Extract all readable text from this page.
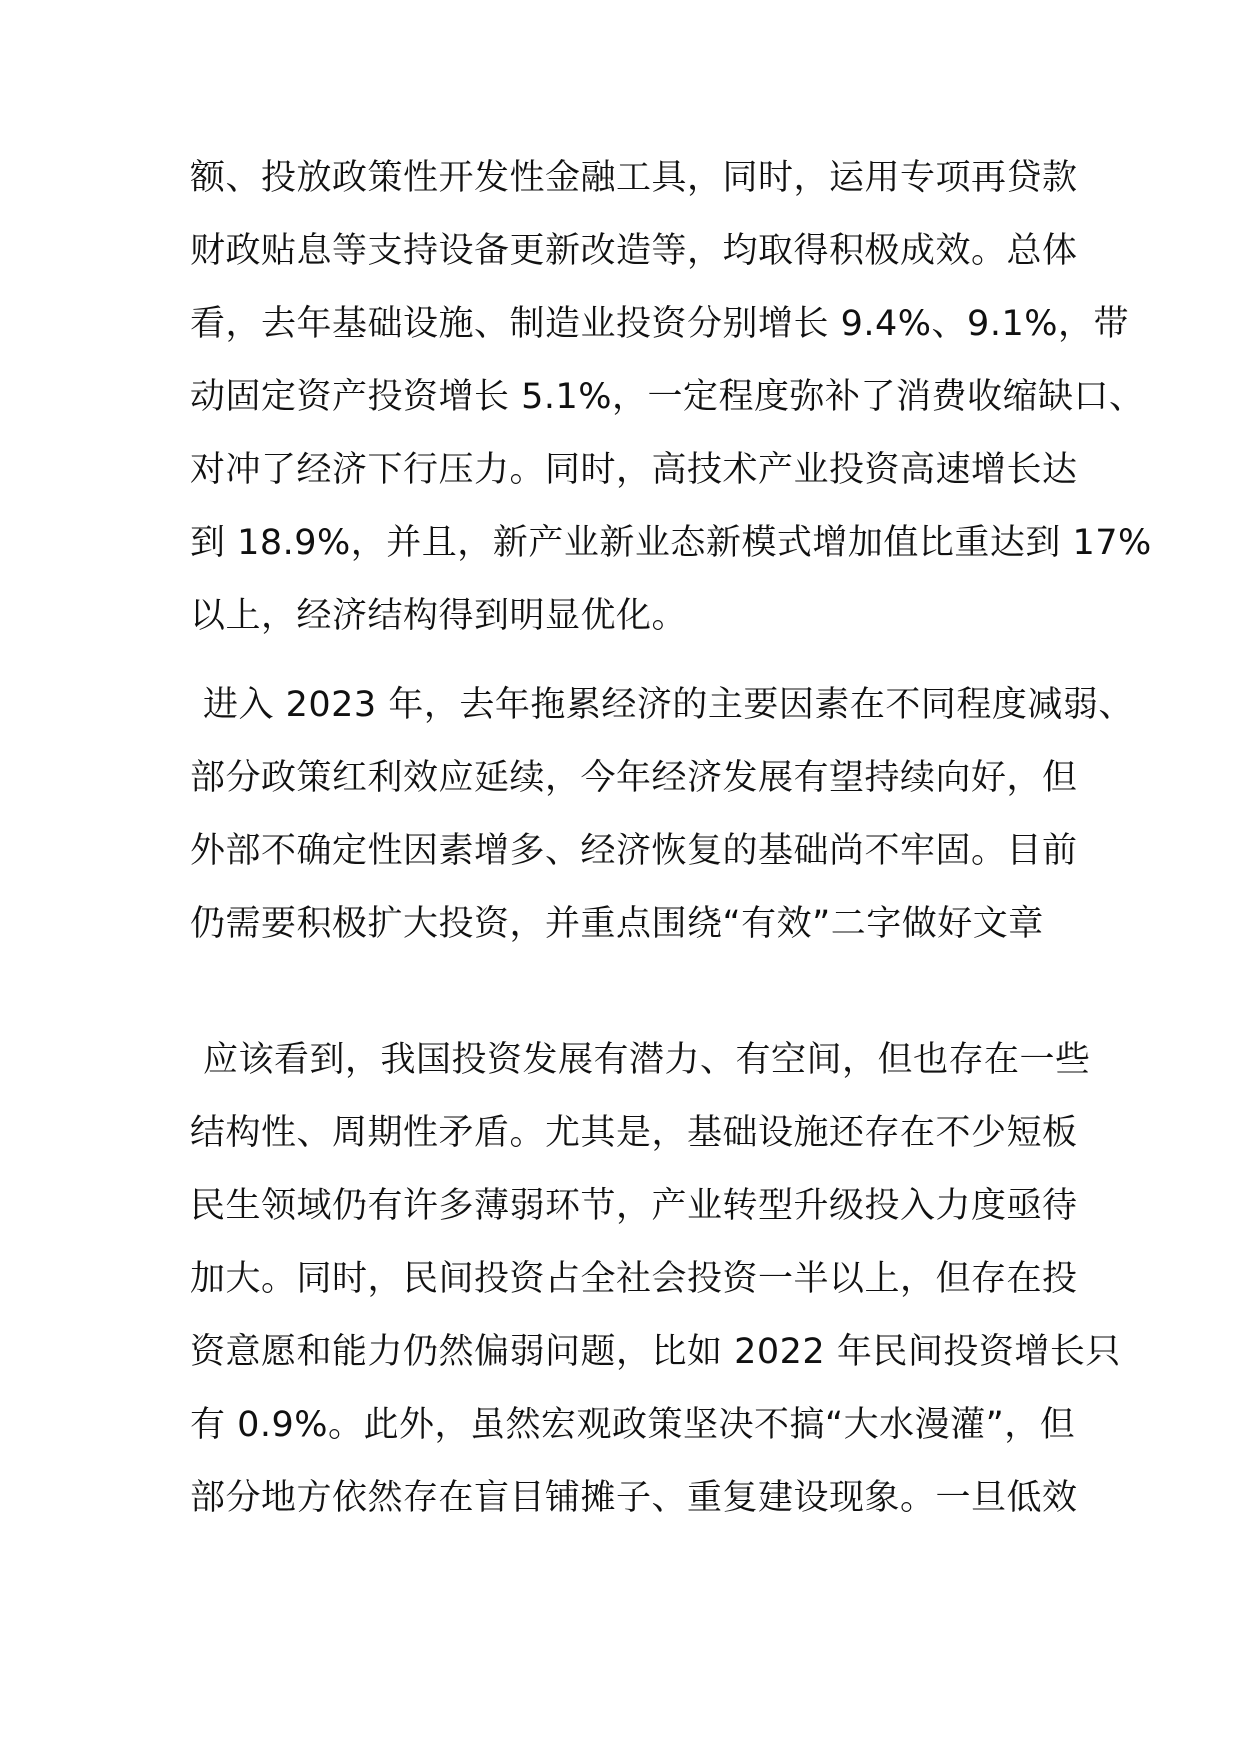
额、投放政策性开发性金融工具，同时，运用专项再贷款
财政贴息等支持设备更新改造等，均取得积极成效。总体
看，去年基础设施、制造业投资分别增长 9.4%、9.1%，带
动固定资产投资增长 5.1%，一定程度弥补了消费收缩缺口、
对冲了经济下行压力。同时，高技术产业投资高速增长达
到 18.9%，并且，新产业新业态新模式增加值比重达到 17%
以上，经济结构得到明显优化。
进入 2023 年，去年拖累经济的主要因素在不同程度减弱、
部分政策红利效应延续，今年经济发展有望持续向好，但
外部不确定性因素增多、经济恢复的基础尚不牢固。目前
仍需要积极扩大投资，并重点围绕“有效”二字做好文章
应该看到，我国投资发展有潜力、有空间，但也存在一些
结构性、周期性矛盾。尤其是，基础设施还存在不少短板
民生领域仍有许多薄弱环节，产业转型升级投入力度亟待
加大。同时，民间投资占全社会投资一半以上，但存在投
资意愿和能力仍然偏弱问题，比如 2022 年民间投资增长只
有 0.9%。此外，虽然宏观政策坚决不搞“大水漫灌”，但
部分地方依然存在盲目铺摊子、重复建设现象。一旦低效
